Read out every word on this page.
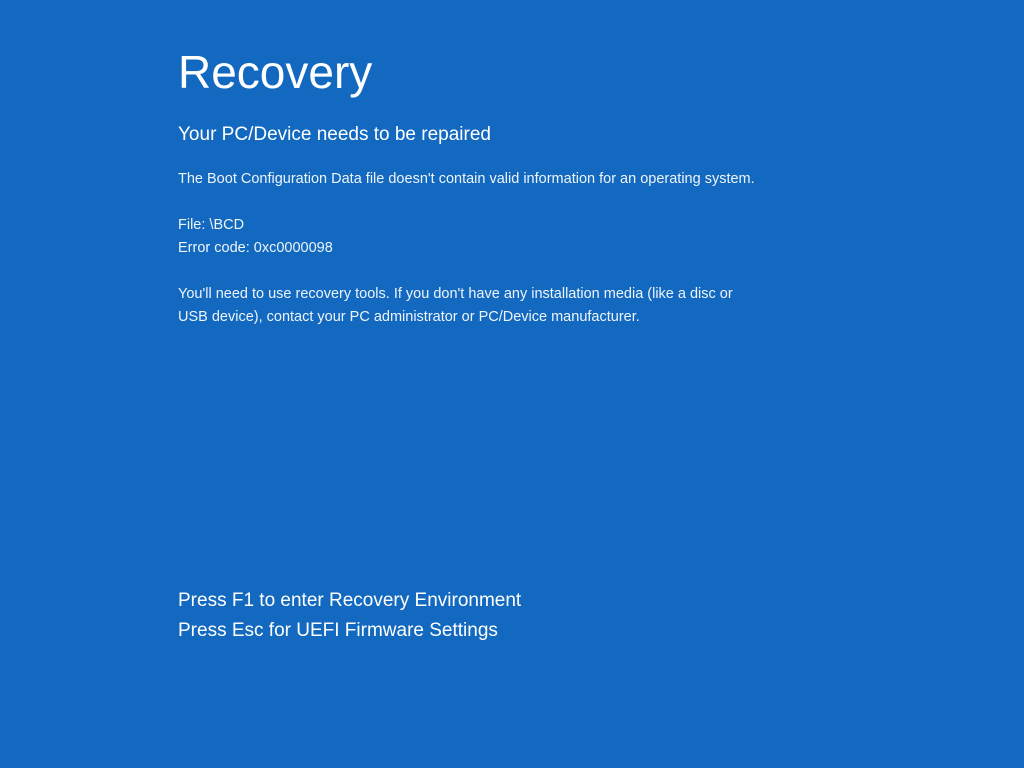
Recovery
Your PC/Device needs to be repaired

The Boot Configuration Data file doesn't contain valid information for an operating system.

File: \BCD

Error code: 0xc0000098

You'll need to use recovery tools. If you don't have any installation media (like a disc or USB device), contact your PC administrator or PC/Device manufacturer.

Press F1 to enter Recovery Environment

Press Esc for UEFI Firmware Settings
